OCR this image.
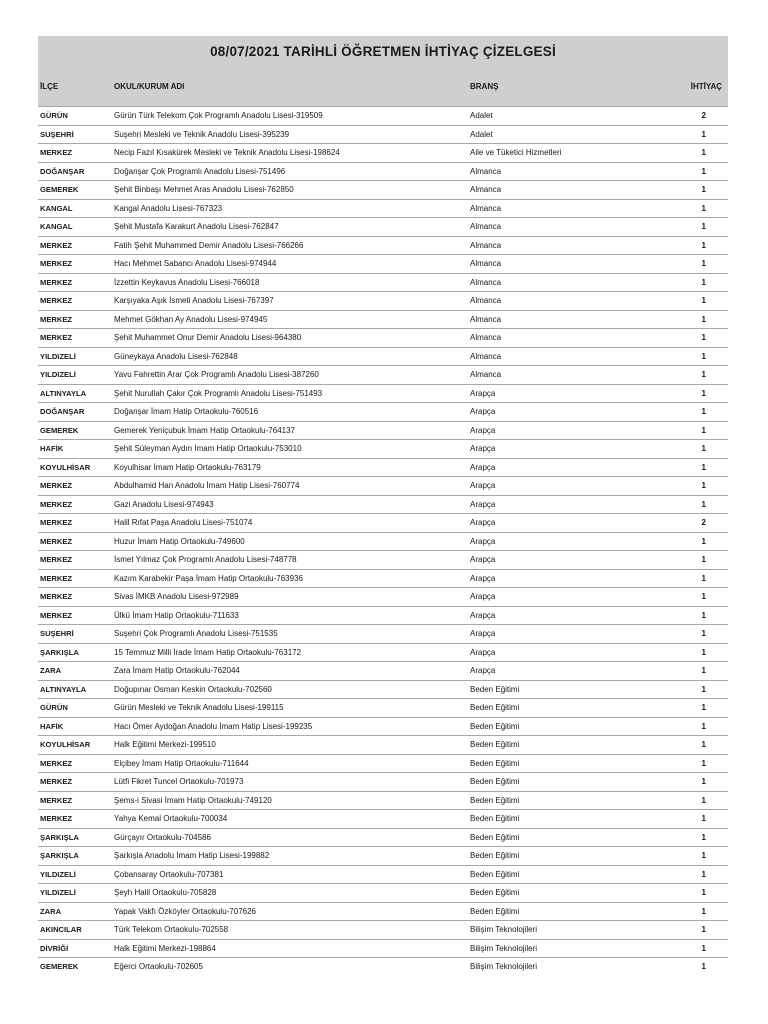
08/07/2021 TARİHLİ ÖĞRETMEN İHTİYAÇ ÇİZELGESİ
İLÇE	OKUL/KURUM ADI	BRANŞ	İHTİYAÇ
GÜRÜN	Gürün Türk Telekom Çok Programlı Anadolu Lisesi-319509	Adalet	2
SUŞEHRİ	Suşehri Mesleki ve Teknik Anadolu Lisesi-395239	Adalet	1
MERKEZ	Necip Fazıl Kısakürek Mesleki ve Teknik Anadolu Lisesi-198624	Aile ve Tüketici Hizmetleri	1
DOĞANŞAR	Doğanşar Çok Programlı Anadolu Lisesi-751496	Almanca	1
GEMEREK	Şehit Binbaşı Mehmet Aras Anadolu Lisesi-762850	Almanca	1
KANGAL	Kangal Anadolu Lisesi-767323	Almanca	1
KANGAL	Şehit Mustafa Karakurt Anadolu Lisesi-762847	Almanca	1
MERKEZ	Fatih Şehit Muhammed Demir Anadolu Lisesi-766266	Almanca	1
MERKEZ	Hacı Mehmet Sabancı Anadolu Lisesi-974944	Almanca	1
MERKEZ	İzzettin Keykavus Anadolu Lisesi-766018	Almanca	1
MERKEZ	Karşıyaka Aşık İsmeti Anadolu Lisesi-767397	Almanca	1
MERKEZ	Mehmet Gökhan Ay Anadolu Lisesi-974945	Almanca	1
MERKEZ	Şehit Muhammet Onur Demir Anadolu Lisesi-964380	Almanca	1
YILDIZELİ	Güneykaya Anadolu Lisesi-762848	Almanca	1
YILDIZELİ	Yavu Fahrettin Arar Çok Programlı Anadolu Lisesi-387260	Almanca	1
ALTINYAYLA	Şehit Nurullah Çakır Çok Programlı Anadolu Lisesi-751493	Arapça	1
DOĞANŞAR	Doğanşar İmam Hatip Ortaokulu-760516	Arapça	1
GEMEREK	Gemerek Yeniçubuk İmam Hatip Ortaokulu-764137	Arapça	1
HAFİK	Şehit Süleyman Aydın İmam Hatip Ortaokulu-753010	Arapça	1
KOYULHİSAR	Koyulhisar İmam Hatip Ortaokulu-763179	Arapça	1
MERKEZ	Abdulhamid Han Anadolu İmam Hatip Lisesi-760774	Arapça	1
MERKEZ	Gazi Anadolu Lisesi-974943	Arapça	1
MERKEZ	Halil Rıfat Paşa Anadolu Lisesi-751074	Arapça	2
MERKEZ	Huzur İmam Hatip Ortaokulu-749600	Arapça	1
MERKEZ	İsmet Yılmaz Çok Programlı Anadolu Lisesi-748778	Arapça	1
MERKEZ	Kazım Karabekir Paşa İmam Hatip Ortaokulu-763936	Arapça	1
MERKEZ	Sivas İMKB Anadolu Lisesi-972989	Arapça	1
MERKEZ	Ülkü İmam Hatip Ortaokulu-711633	Arapça	1
SUŞEHRİ	Suşehri Çok Programlı Anadolu Lisesi-751535	Arapça	1
ŞARKIŞLA	15 Temmuz Milli İrade İmam Hatip Ortaokulu-763172	Arapça	1
ZARA	Zara İmam Hatip Ortaokulu-762044	Arapça	1
ALTINYAYLA	Doğupınar Osman Keskin Ortaokulu-702560	Beden Eğitimi	1
GÜRÜN	Gürün Mesleki ve Teknik Anadolu Lisesi-199115	Beden Eğitimi	1
HAFİK	Hacı Ömer Aydoğan Anadolu İmam Hatip Lisesi-199235	Beden Eğitimi	1
KOYULHİSAR	Halk Eğitimi Merkezi-199510	Beden Eğitimi	1
MERKEZ	Elçibey İmam Hatip Ortaokulu-711644	Beden Eğitimi	1
MERKEZ	Lütfi Fikret Tuncel Ortaokulu-701973	Beden Eğitimi	1
MERKEZ	Şems-i Sivasi İmam Hatip Ortaokulu-749120	Beden Eğitimi	1
MERKEZ	Yahya Kemal Ortaokulu-700034	Beden Eğitimi	1
ŞARKIŞLA	Gürçayır Ortaokulu-704586	Beden Eğitimi	1
ŞARKIŞLA	Şarkışla Anadolu İmam Hatip Lisesi-199882	Beden Eğitimi	1
YILDIZELİ	Çobansaray Ortaokulu-707381	Beden Eğitimi	1
YILDIZELİ	Şeyh Halil Ortaokulu-705828	Beden Eğitimi	1
ZARA	Yapak Vakfı Özköyler Ortaokulu-707626	Beden Eğitimi	1
AKINCILAR	Türk Telekom Ortaokulu-702558	Bilişim Teknolojileri	1
DİVRİĞİ	Halk Eğitimi Merkezi-198864	Bilişim Teknolojileri	1
GEMEREK	Eğerci Ortaokulu-702605	Bilişim Teknolojileri	1
